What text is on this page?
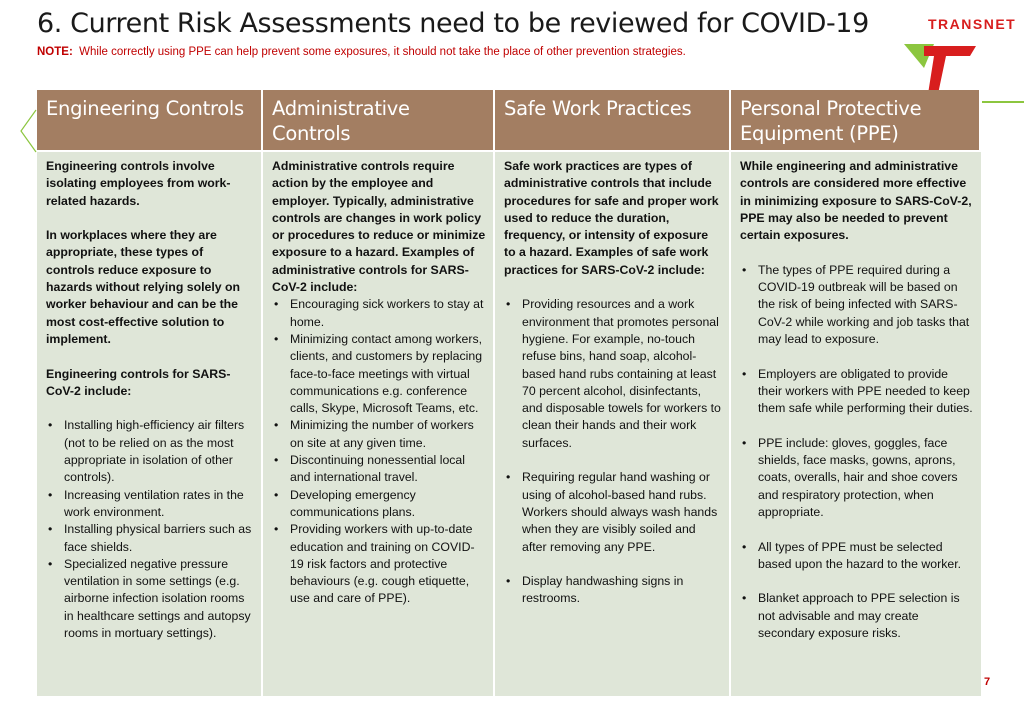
6. Current Risk Assessments need to be reviewed for COVID-19
NOTE: While correctly using PPE can help prevent some exposures, it should not take the place of other prevention strategies.
TRANSNET
Engineering Controls	Administrative Controls
Safe Work Practices	Personal Protective Equipment (PPE)

Engineering controls involve isolating employees from work-related hazards.

In workplaces where they are appropriate, these types of controls reduce exposure to hazards without relying solely on worker behaviour and can be the most cost-effective solution to implement.

Engineering controls for SARS-CoV-2 include:

• Installing high-efficiency air filters (not to be relied on as the most appropriate in isolation of other controls).
• Increasing ventilation rates in the work environment.
• Installing physical barriers such as face shields.
• Specialized negative pressure ventilation in some settings (e.g. airborne infection isolation rooms in healthcare settings and autopsy rooms in mortuary settings).

Administrative controls require action by the employee and employer. Typically, administrative controls are changes in work policy or procedures to reduce or minimize exposure to a hazard. Examples of administrative controls for SARS-CoV-2 include:

• Encouraging sick workers to stay at home.
• Minimizing contact among workers, clients, and customers by replacing face-to-face meetings with virtual communications e.g. conference calls, Skype, Microsoft Teams, etc.
• Minimizing the number of workers on site at any given time.
• Discontinuing nonessential local and international travel.
• Developing emergency communications plans.
• Providing workers with up-to-date education and training on COVID-19 risk factors and protective behaviours (e.g. cough etiquette, use and care of PPE).

Safe work practices are types of administrative controls that include procedures for safe and proper work used to reduce the duration, frequency, or intensity of exposure to a hazard. Examples of safe work practices for SARS-CoV-2 include:

• Providing resources and a work environment that promotes personal hygiene. For example, no-touch refuse bins, hand soap, alcohol-based hand rubs containing at least 70 percent alcohol, disinfectants, and disposable towels for workers to clean their hands and their work surfaces.
• Requiring regular hand washing or using of alcohol-based hand rubs. Workers should always wash hands when they are visibly soiled and after removing any PPE.
• Display handwashing signs in restrooms.

While engineering and administrative controls are considered more effective in minimizing exposure to SARS-CoV-2, PPE may also be needed to prevent certain exposures.

• The types of PPE required during a COVID-19 outbreak will be based on the risk of being infected with SARS-CoV-2 while working and job tasks that may lead to exposure.
• Employers are obligated to provide their workers with PPE needed to keep them safe while performing their duties.
• PPE include: gloves, goggles, face shields, face masks, gowns, aprons, coats, overalls, hair and shoe covers and respiratory protection, when appropriate.
• All types of PPE must be selected based upon the hazard to the worker.
• Blanket approach to PPE selection is not advisable and may create secondary exposure risks.
7
